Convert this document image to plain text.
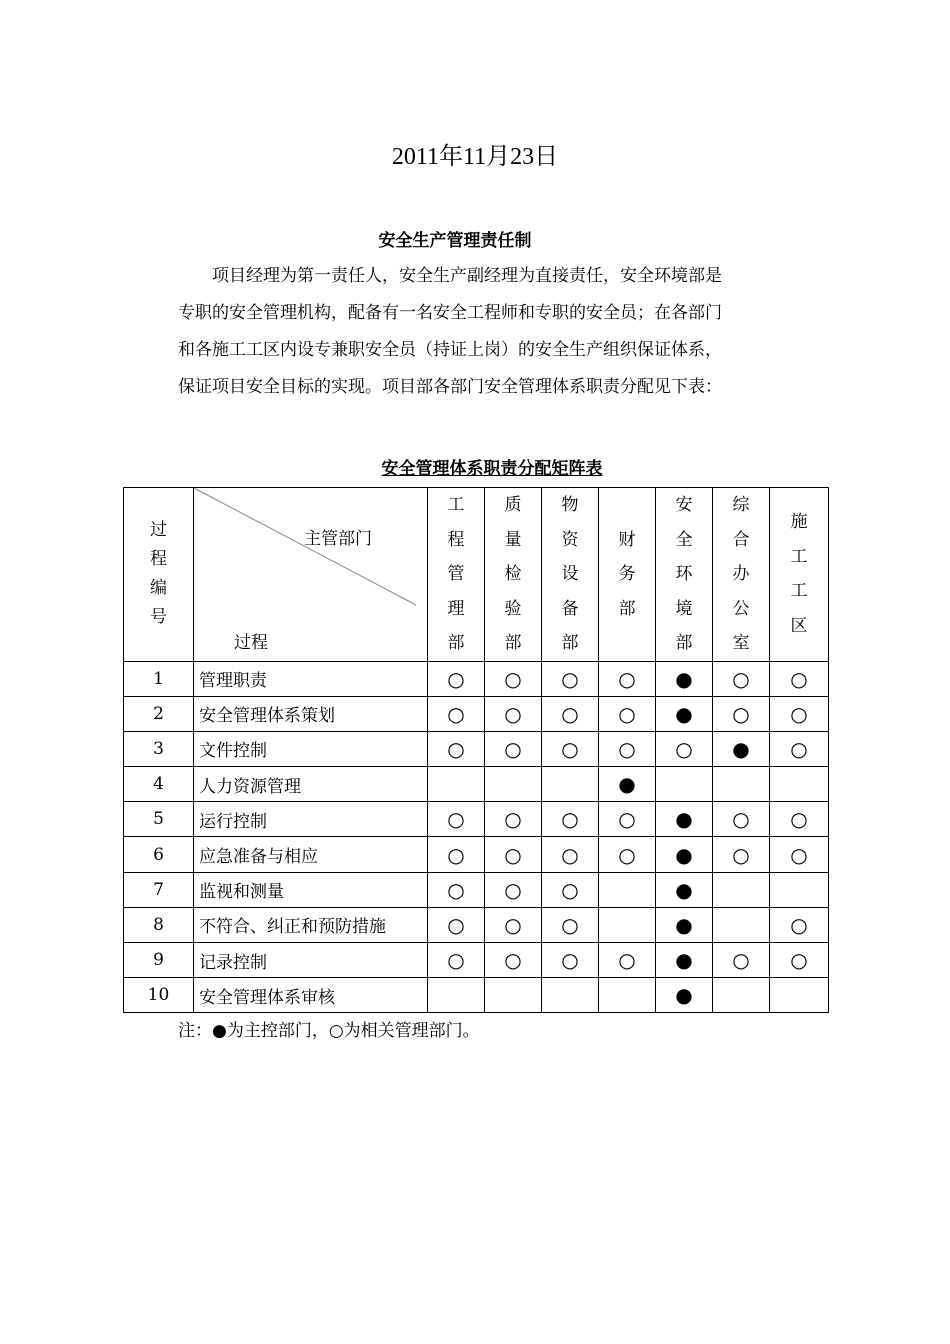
2011年11月23日
安全生产管理责任制

　　项目经理为第一责任人，安全生产副经理为直接责任，安全环境部是

专职的安全管理机构，配备有一名安全工程师和专职的安全员；在各部门

和各施工工区内设专兼职安全员（持证上岗）的安全生产组织保证体系，

保证项目安全目标的实现。项目部各部门安全管理体系职责分配见下表：

安全管理体系职责分配矩阵表
过
程
编
号	主管部门
过程	工
程
管
理
部	质
量
检
验
部	物
资
设
备
部	财
务
部	安
全
环
境
部	综
合
办
公
室	施
工
工
区

1	管理职责	○	○	○	○	●	○	○
2	安全管理体系策划	○	○	○	○	●	○	○
3	文件控制	○	○	○	○	○	●	○
4	人力资源管理				●			
5	运行控制	○	○	○	○	●	○	○
6	应急准备与相应	○	○	○	○	●	○	○
7	监视和测量	○	○	○		●		
8	不符合、纠正和预防措施	○	○	○		●		○
9	记录控制	○	○	○	○	●	○	○
10	安全管理体系审核					●		
注：●为主控部门，○为相关管理部门。
